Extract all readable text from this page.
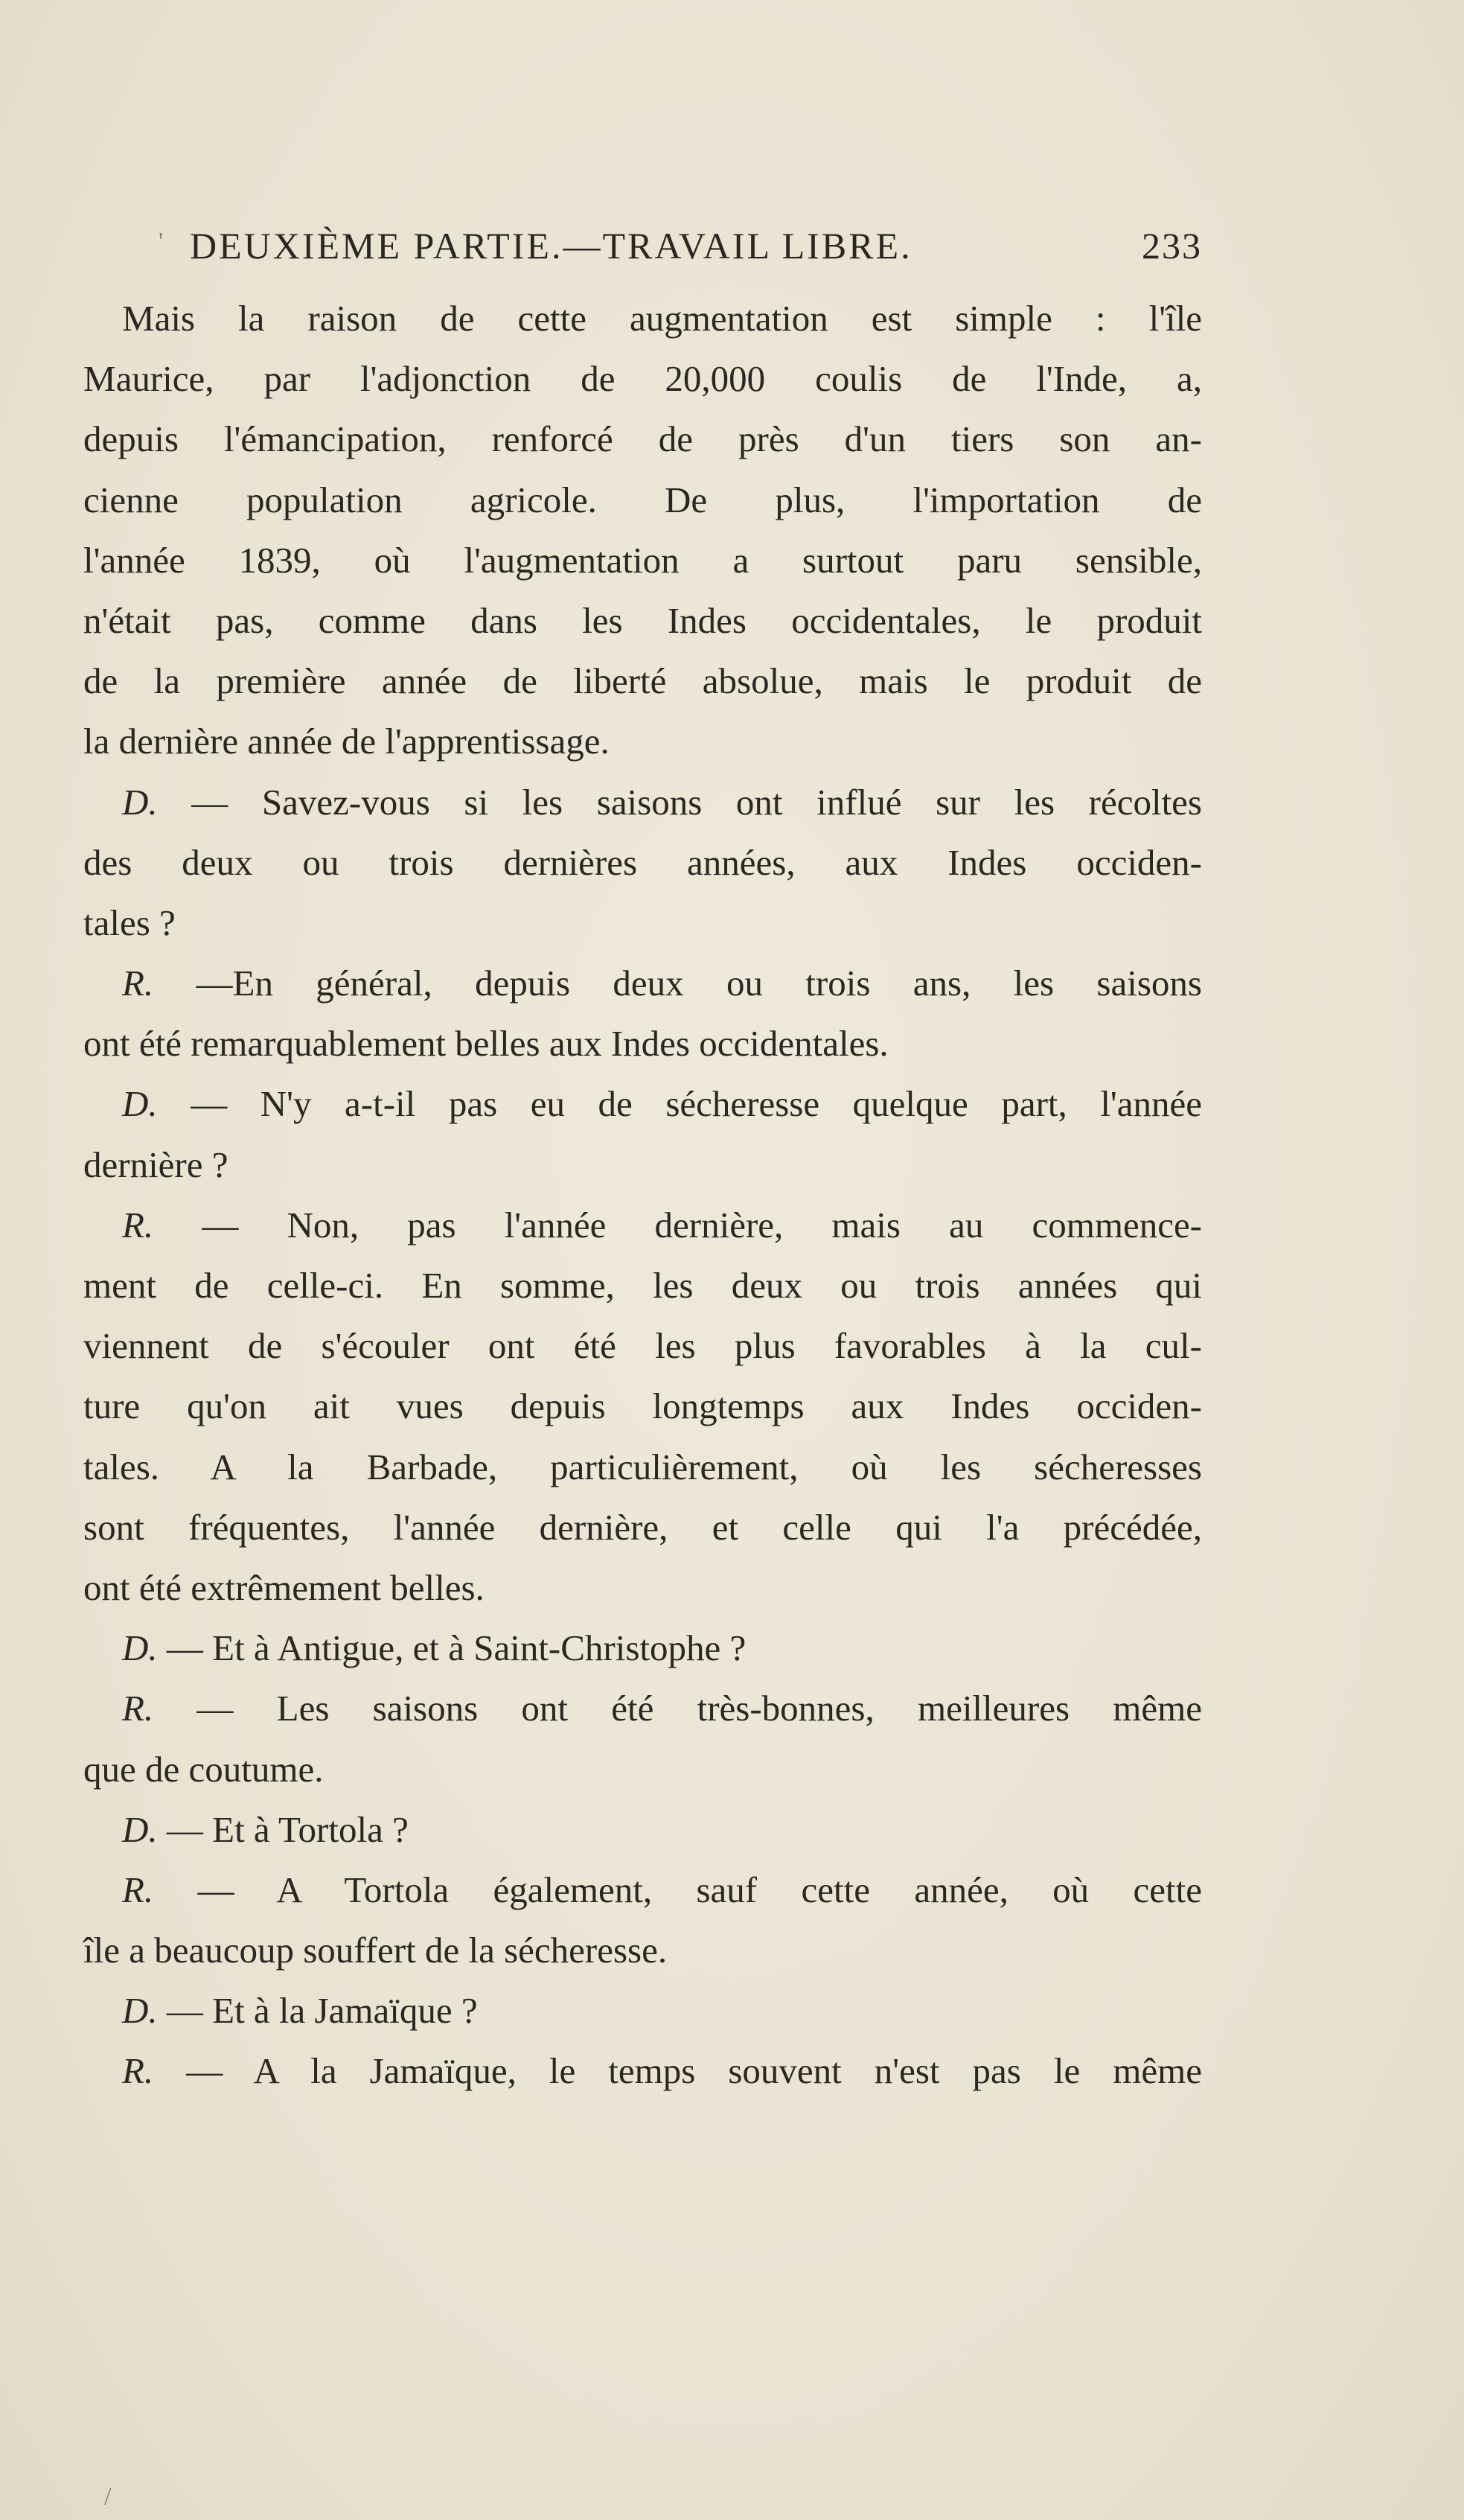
DEUXIÈME PARTIE.—TRAVAIL LIBRE.	233
Mais la raison de cette augmentation est simple : l'île
Maurice, par l'adjonction de 20,000 coulis de l'Inde, a,
depuis l'émancipation, renforcé de près d'un tiers son an-
cienne population agricole. De plus, l'importation de
l'année 1839, où l'augmentation a surtout paru sensible,
n'était pas, comme dans les Indes occidentales, le produit
de la première année de liberté absolue, mais le produit de
la dernière année de l'apprentissage.
D. — Savez-vous si les saisons ont influé sur les récoltes
des deux ou trois dernières années, aux Indes occiden-
tales ?
R. —En général, depuis deux ou trois ans, les saisons
ont été remarquablement belles aux Indes occidentales.
D. — N'y a-t-il pas eu de sécheresse quelque part, l'année
dernière ?
R. — Non, pas l'année dernière, mais au commence-
ment de celle-ci. En somme, les deux ou trois années qui
viennent de s'écouler ont été les plus favorables à la cul-
ture qu'on ait vues depuis longtemps aux Indes occiden-
tales. A la Barbade, particulièrement, où les sécheresses
sont fréquentes, l'année dernière, et celle qui l'a précédée,
ont été extrêmement belles.
D. — Et à Antigue, et à Saint-Christophe ?
R. — Les saisons ont été très-bonnes, meilleures même
que de coutume.
D. — Et à Tortola ?
R. — A Tortola également, sauf cette année, où cette
île a beaucoup souffert de la sécheresse.
D. — Et à la Jamaïque ?
R. — A la Jamaïque, le temps souvent n'est pas le même
'
/
